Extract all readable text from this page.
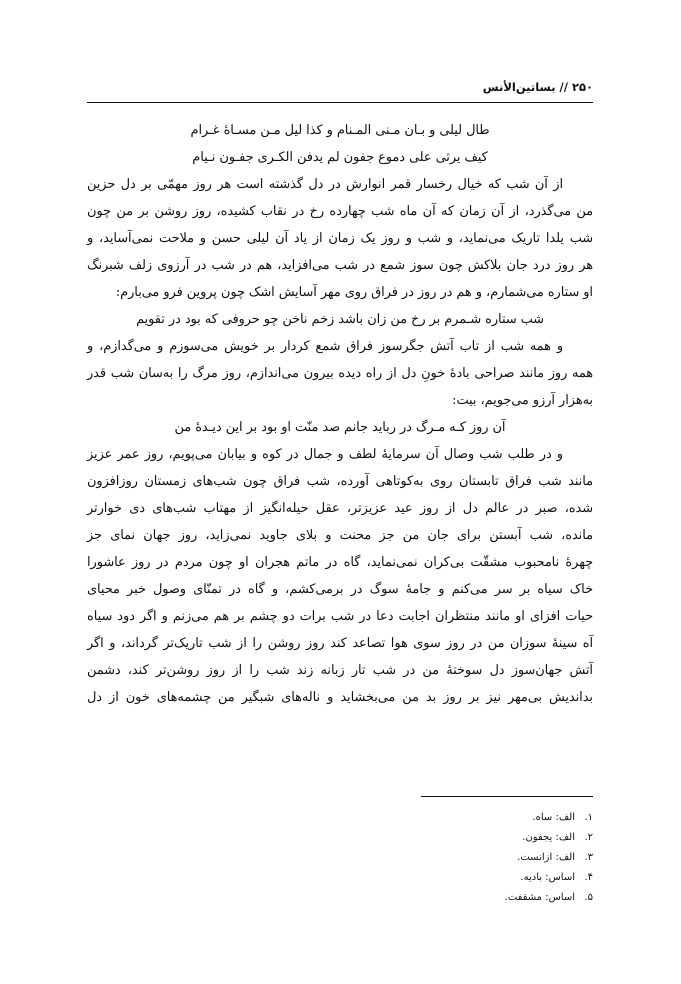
۲۵۰ // بساتین‌الأنس
طال لیلی و بـان مـنی المـنام و کذا لیل مـن مسـاهٔ غـرام
کیف یرثی علی دموع جفون لم یدفن الکـری جفـون نـیام
از آن شب که خیال رخسار قمر انوارش در دل گذشته است هر روز مهمّی بر دل حزین
من می‌گذرد، از آن زمان که آن ماه شب چهارده رخ در نقاب کشیده، روز روشن بر من چون
شب یلدا تاریک می‌نماید، و شب و روز یک زمان از یاد آن لیلی حسن و ملاحت نمی‌آساید، و
هر روز درد جان بلاکش چون سوز شمع در شب می‌افزاید، هم در شب در آرزوی زلف شبرنگ
او ستاره می‌شمارم، و هم در روز در فراق روی مهر آسایش اشک چون پروین فرو می‌بارم:
شب ستاره شـمرم بر رخ من زان باشد زخم ناخن چو حروفی که بود در تقویم
و همه شب از تاب آتش جگرسوز فراق شمع کردار بر خویش می‌سوزم و می‌گدازم، و
همه روز مانند صراحی بادهٔ خونِ دل از راه دیده بیرون می‌اندازم، روز مرگ را به‌سان شب قدر
به‌هزار آرزو می‌جویم، بیت:
آن روز کـه مـرگ در رباید جانم صد منّت او بود بر این دیـدهٔ من
و در طلب شب وصال آن سرمایهٔ لطف و جمال در کوه و بیابان می‌پویم، روز عمر عزیز
مانند شب فراق تابستان روی به‌کوتاهی آورده، شب فراق چون شب‌های زمستان روزافزون
شده، صبر در عالم دل از روز عید عزیزتر، عقل حیله‌انگیز از مهتاب شب‌های دی خوارتر
مانده، شب آبستن برای جان من جز محنت و بلای جاوید نمی‌زاید، روز جهان نمای جز
چهرهٔ نامحبوب مشقّت بی‌کران نمی‌نماید، گاه در ماتم هجران او چون مردم در روز عاشورا
خاک سیاه بر سر می‌کنم و جامهٔ سوگ در برمی‌کشم، و گاه در تمنّای وصول خبر محیای
حیات افزای او مانند منتظران اجابت دعا در شب برات دو چشم بر هم می‌زنم و اگر دود سیاه
آه سینهٔ سوزان من در روز سوی هوا تصاعد کند روز روشن را از شب تاریک‌تر گرداند، و اگر
آتش جهان‌سوز دل سوختهٔ من در شب تار زبانه زند شب را از روز روشن‌تر کند، دشمن
بداندیش بی‌مهر نیز بر روز بد من می‌بخشاید و ناله‌های شبگیر من چشمه‌های خون از دل
۱.الف: ساه.
۲.الف: یجفون.
۳.الف: ازانست.
۴.اساس: بادیه.
۵.اساس: مشقفت.
